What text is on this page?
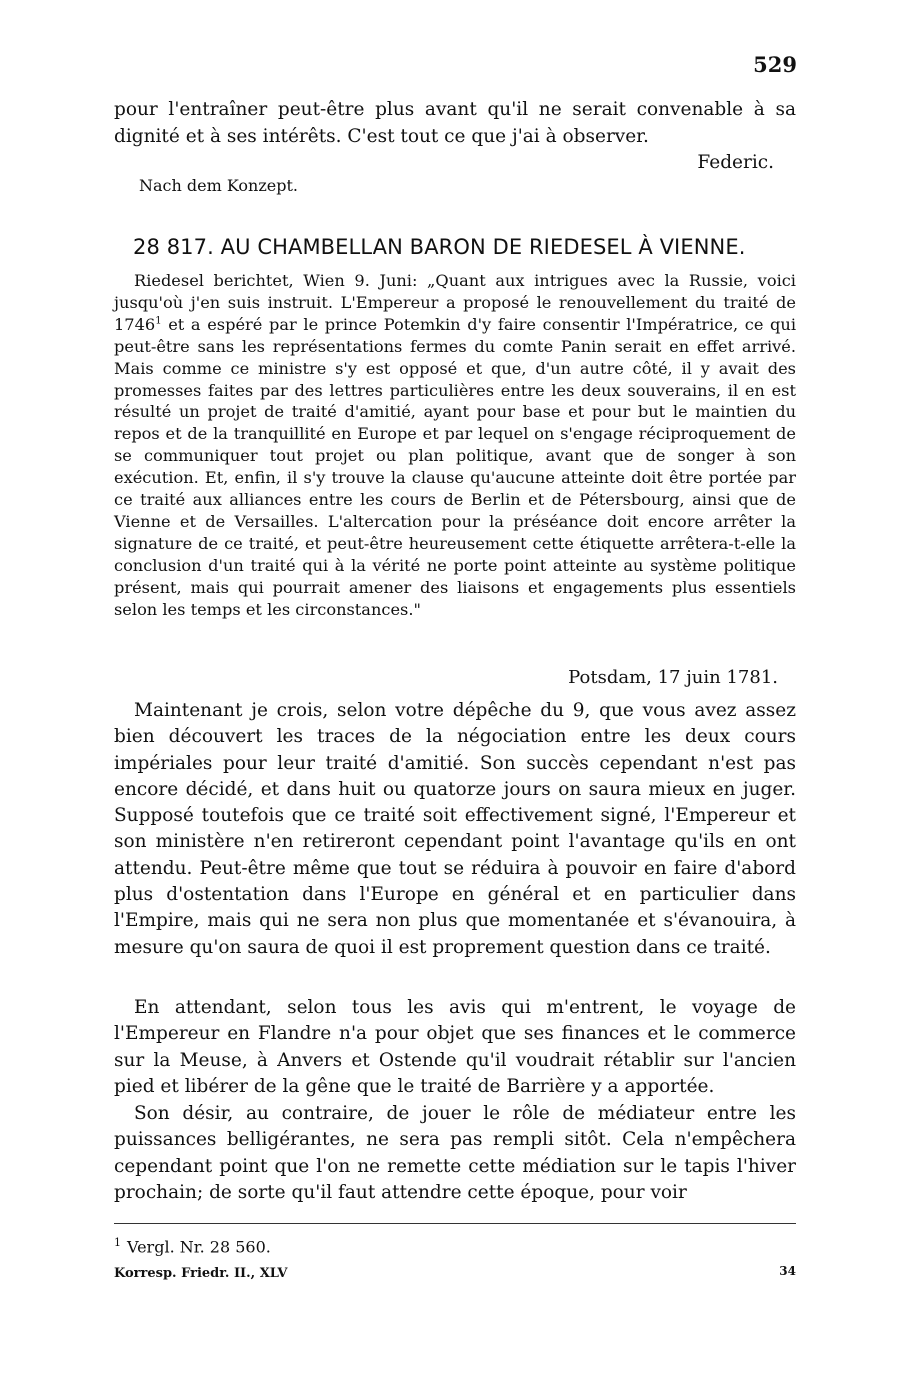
529
pour l'entraîner peut-être plus avant qu'il ne serait convenable à sa dignité et à ses intérêts. C'est tout ce que j'ai à observer.
Federic.
Nach dem Konzept.
28 817. AU CHAMBELLAN BARON DE RIEDESEL À VIENNE.
Riedesel berichtet, Wien 9. Juni: „Quant aux intrigues avec la Russie, voici jusqu'où j'en suis instruit. L'Empereur a proposé le renouvellement du traité de 1746$^1$ et a espéré par le prince Potemkin d'y faire consentir l'Impératrice, ce qui peut-être sans les représentations fermes du comte Panin serait en effet arrivé. Mais comme ce ministre s'y est opposé et que, d'un autre côté, il y avait des promesses faites par des lettres particulières entre les deux souverains, il en est résulté un projet de traité d'amitié, ayant pour base et pour but le maintien du repos et de la tranquillité en Europe et par lequel on s'engage réciproquement de se communiquer tout projet ou plan politique, avant que de songer à son exécution. Et, enfin, il s'y trouve la clause qu'aucune atteinte doit être portée par ce traité aux alliances entre les cours de Berlin et de Pétersbourg, ainsi que de Vienne et de Versailles. L'altercation pour la préséance doit encore arrêter la signature de ce traité, et peut-être heureusement cette étiquette arrêtera-t-elle la conclusion d'un traité qui à la vérité ne porte point atteinte au système politique présent, mais qui pourrait amener des liaisons et engagements plus essentiels selon les temps et les circonstances."
Potsdam, 17 juin 1781.
Maintenant je crois, selon votre dépêche du 9, que vous avez assez bien découvert les traces de la négociation entre les deux cours impériales pour leur traité d'amitié. Son succès cependant n'est pas encore décidé, et dans huit ou quatorze jours on saura mieux en juger. Supposé toutefois que ce traité soit effectivement signé, l'Empereur et son ministère n'en retireront cependant point l'avantage qu'ils en ont attendu. Peut-être même que tout se réduira à pouvoir en faire d'abord plus d'ostentation dans l'Europe en général et en particulier dans l'Empire, mais qui ne sera non plus que momentanée et s'évanouira, à mesure qu'on saura de quoi il est proprement question dans ce traité.
En attendant, selon tous les avis qui m'entrent, le voyage de l'Empereur en Flandre n'a pour objet que ses finances et le commerce sur la Meuse, à Anvers et Ostende qu'il voudrait rétablir sur l'ancien pied et libérer de la gêne que le traité de Barrière y a apportée.
Son désir, au contraire, de jouer le rôle de médiateur entre les puissances belligérantes, ne sera pas rempli sitôt. Cela n'empêchera cependant point que l'on ne remette cette médiation sur le tapis l'hiver prochain; de sorte qu'il faut attendre cette époque, pour voir
$^1$ Vergl. Nr. 28 560.
Korresp. Friedr. II., XLV	34
